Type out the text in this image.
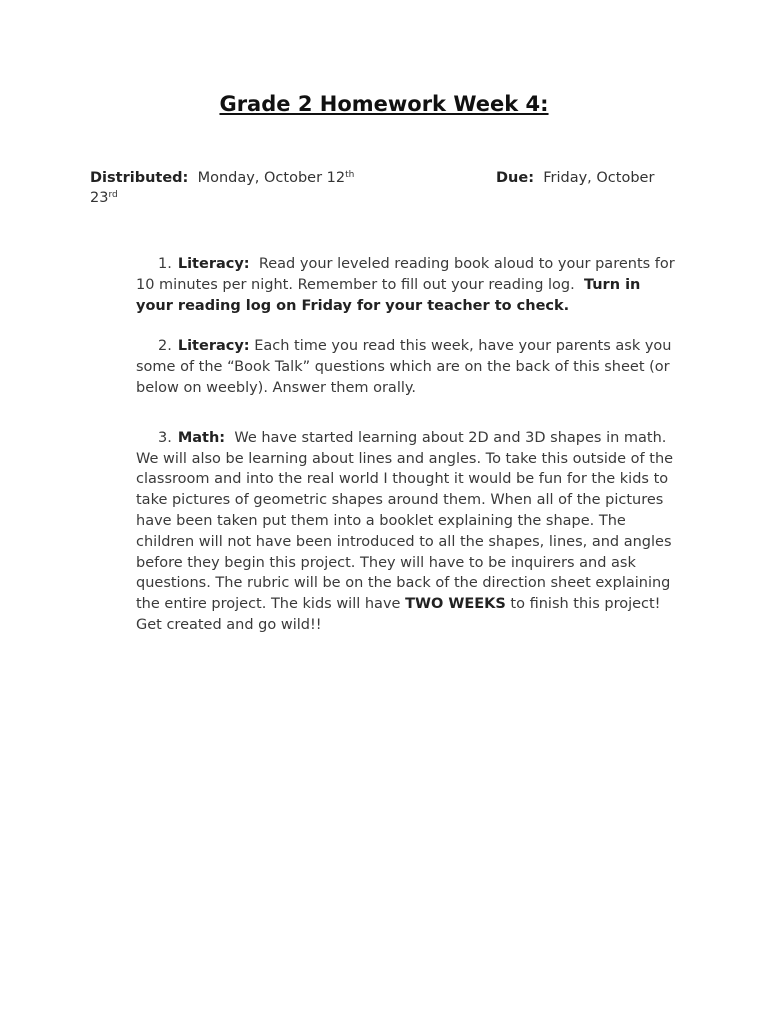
Grade 2 Homework Week 4:
Distributed: Monday, October 12th	Due: Friday, October
23rd

1. Literacy: Read your leveled reading book aloud to your parents for 10 minutes per night. Remember to fill out your reading log. Turn in your reading log on Friday for your teacher to check.

2. Literacy: Each time you read this week, have your parents ask you some of the “Book Talk” questions which are on the back of this sheet (or below on weebly). Answer them orally.

3. Math: We have started learning about 2D and 3D shapes in math. We will also be learning about lines and angles. To take this outside of the classroom and into the real world I thought it would be fun for the kids to take pictures of geometric shapes around them. When all of the pictures have been taken put them into a booklet explaining the shape. The children will not have been introduced to all the shapes, lines, and angles before they begin this project. They will have to be inquirers and ask questions. The rubric will be on the back of the direction sheet explaining the entire project. The kids will have TWO WEEKS to finish this project! Get created and go wild!!
